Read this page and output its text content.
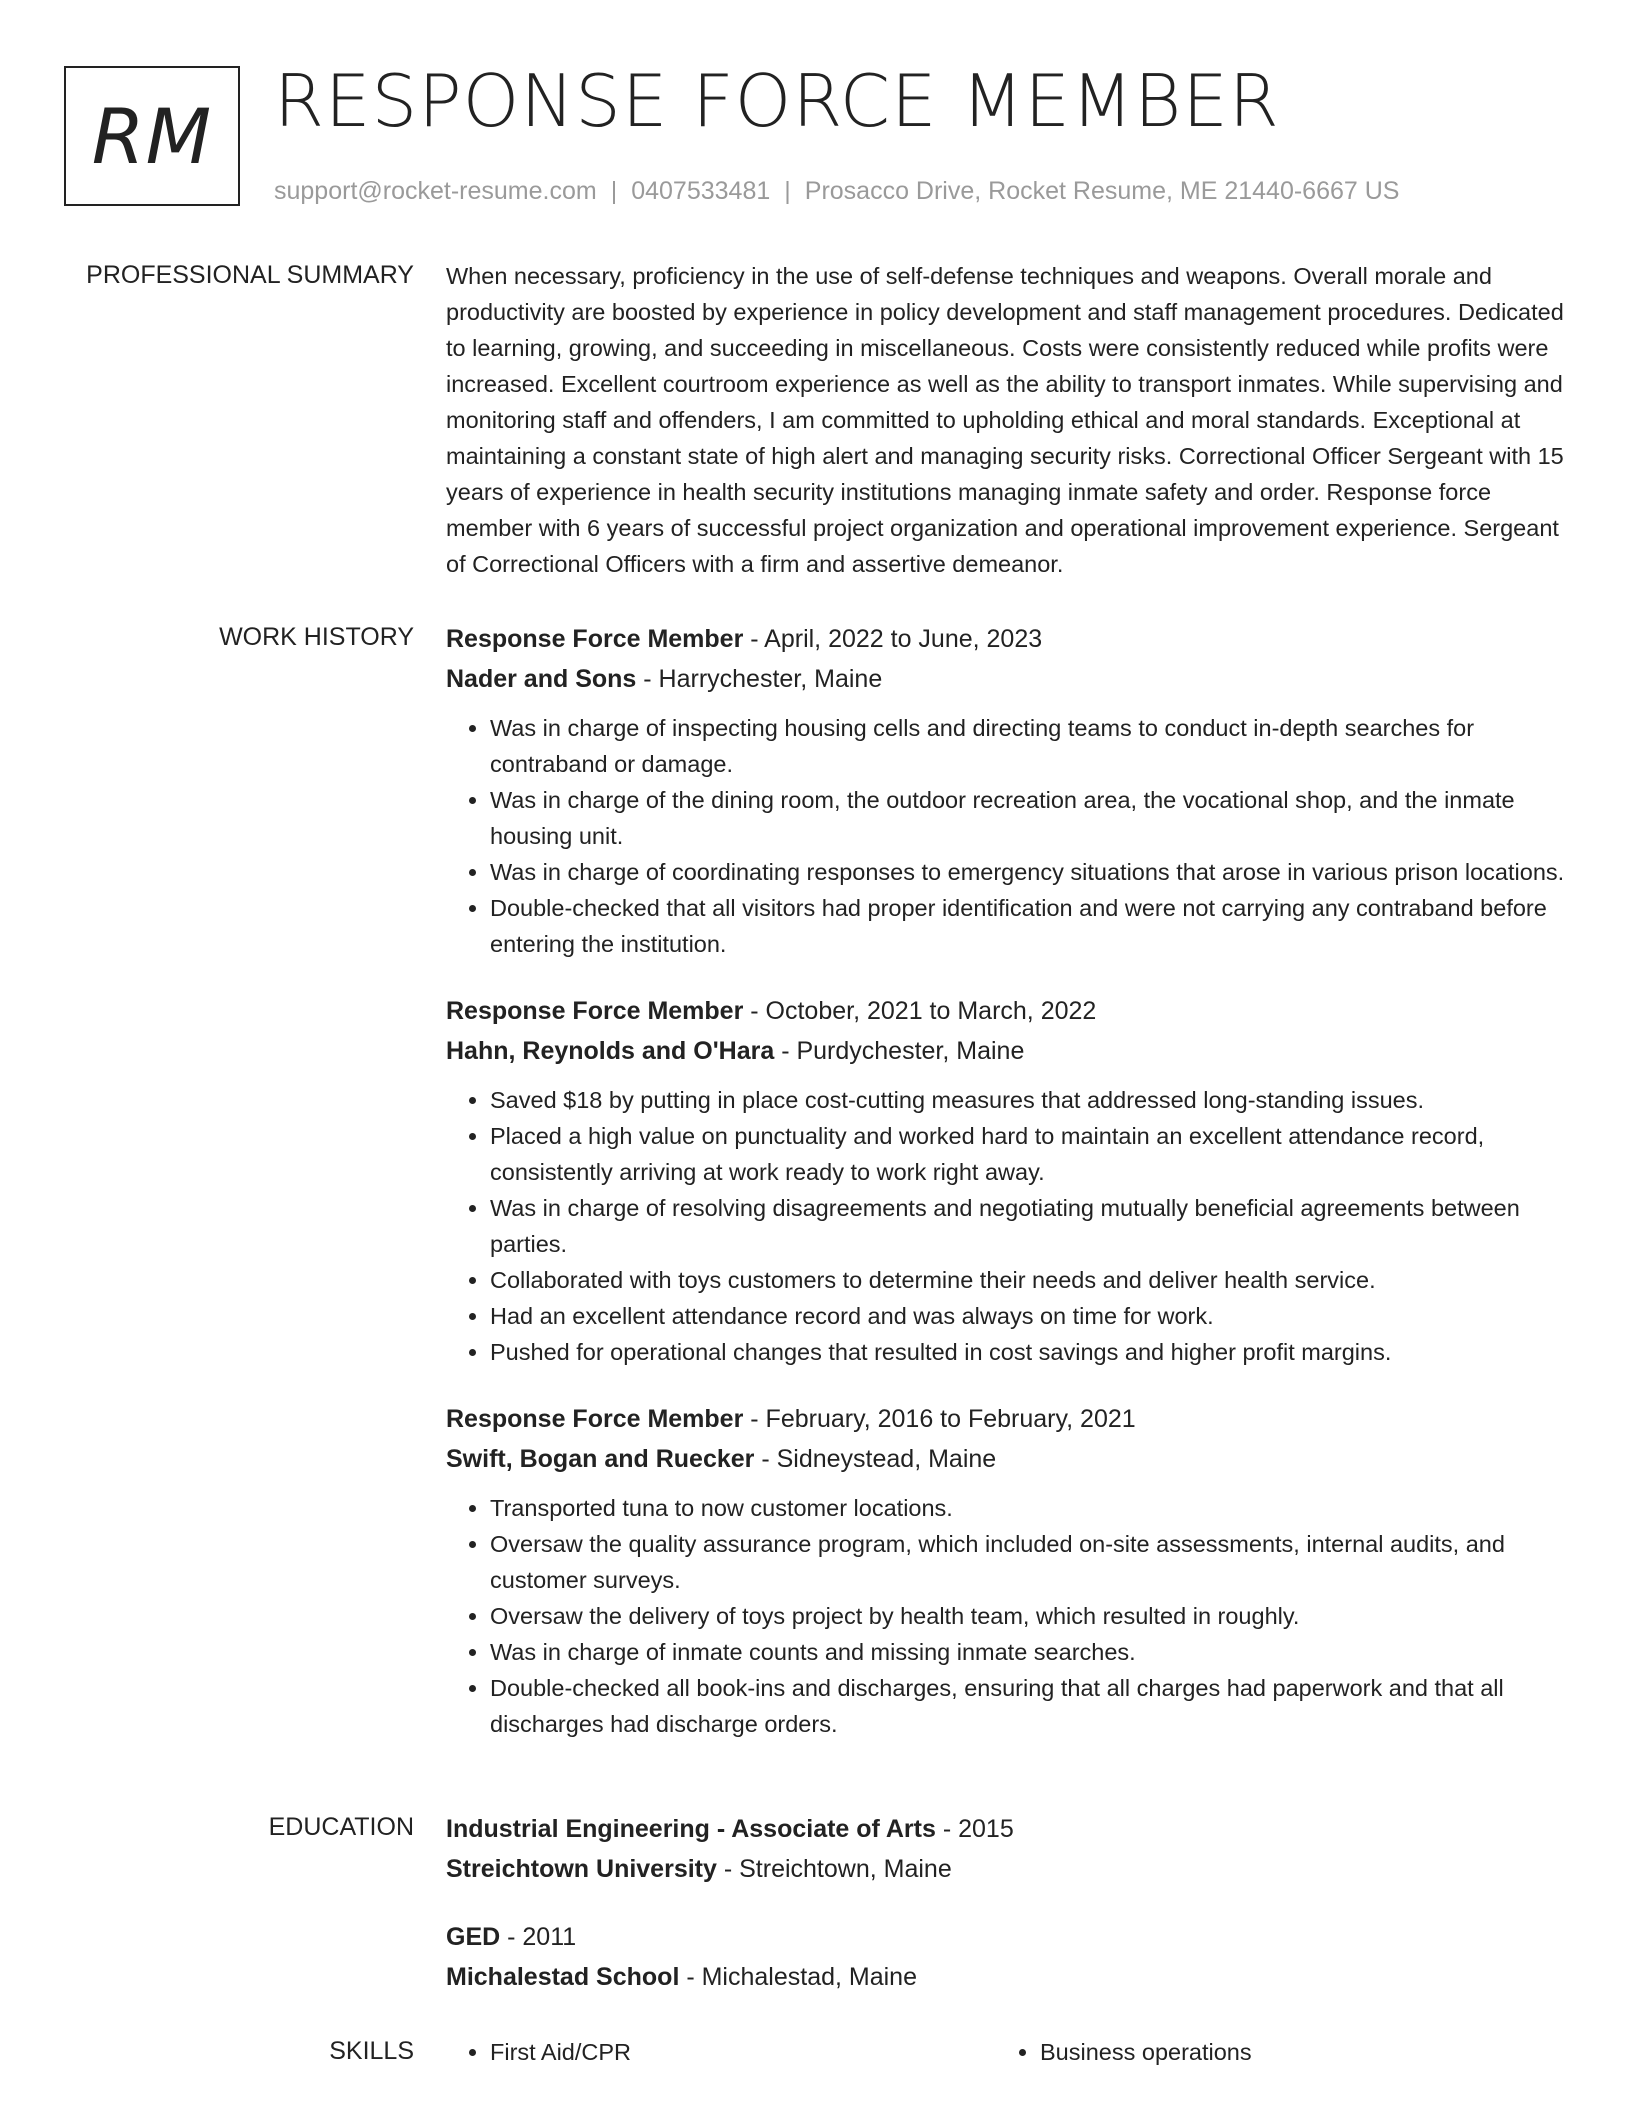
RM RESPONSE FORCE MEMBER
support@rocket-resume.com | 0407533481 | Prosacco Drive, Rocket Resume, ME 21440-6667 US
PROFESSIONAL SUMMARY When necessary, proficiency in the use of self-defense techniques and weapons. Overall morale and productivity are boosted by experience in policy development and staff management procedures. Dedicated to learning, growing, and succeeding in miscellaneous. Costs were consistently reduced while profits were increased. Excellent courtroom experience as well as the ability to transport inmates. While supervising and monitoring staff and offenders, I am committed to upholding ethical and moral standards. Exceptional at maintaining a constant state of high alert and managing security risks. Correctional Officer Sergeant with 15 years of experience in health security institutions managing inmate safety and order. Response force member with 6 years of successful project organization and operational improvement experience. Sergeant of Correctional Officers with a firm and assertive demeanor.

WORK HISTORY Response Force Member - April, 2022 to June, 2023

Nader and Sons - Harrychester, Maine

• Was in charge of inspecting housing cells and directing teams to conduct in-depth searches for contraband or damage.
• Was in charge of the dining room, the outdoor recreation area, the vocational shop, and the inmate housing unit.
• Was in charge of coordinating responses to emergency situations that arose in various prison locations.
• Double-checked that all visitors had proper identification and were not carrying any contraband before entering the institution.

Response Force Member - October, 2021 to March, 2022

Hahn, Reynolds and O'Hara - Purdychester, Maine

• Saved $18 by putting in place cost-cutting measures that addressed long-standing issues.
• Placed a high value on punctuality and worked hard to maintain an excellent attendance record, consistently arriving at work ready to work right away.
• Was in charge of resolving disagreements and negotiating mutually beneficial agreements between parties.
• Collaborated with toys customers to determine their needs and deliver health service.
• Had an excellent attendance record and was always on time for work.
• Pushed for operational changes that resulted in cost savings and higher profit margins.

Response Force Member - February, 2016 to February, 2021

Swift, Bogan and Ruecker - Sidneystead, Maine

• Transported tuna to now customer locations.
• Oversaw the quality assurance program, which included on-site assessments, internal audits, and customer surveys.
• Oversaw the delivery of toys project by health team, which resulted in roughly.
• Was in charge of inmate counts and missing inmate searches.
• Double-checked all book-ins and discharges, ensuring that all charges had paperwork and that all discharges had discharge orders.
EDUCATION Industrial Engineering - Associate of Arts - 2015

Streichtown University - Streichtown, Maine

GED - 2011

Michalestad School - Michalestad, Maine

SKILLS	• First Aid/CPR	• Business operations
